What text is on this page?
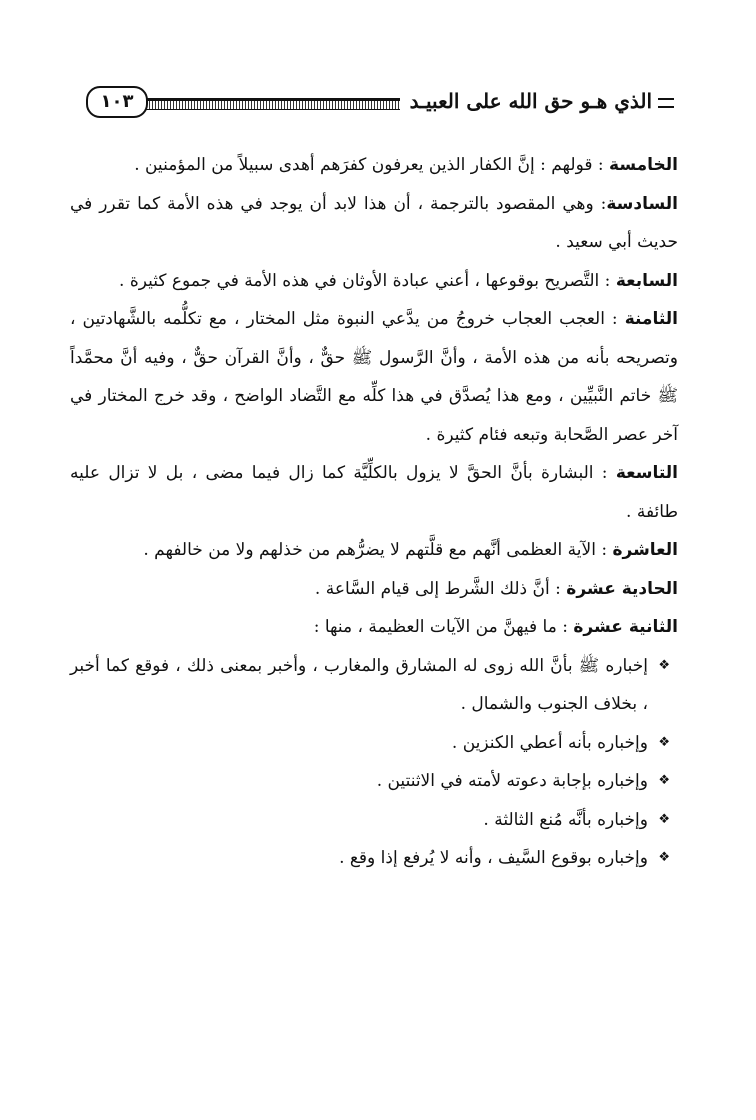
الذي هـو حق الله على العبيـد
١٠٣

الخامسة : قولهم : إنَّ الكفار الذين يعرفون كفرَهم أهدى سبيلاً من المؤمنين .

السادسة: وهي المقصود بالترجمة ، أن هذا لابد أن يوجد في هذه الأمة كما تقرر في حديث أبي سعيد .

السابعة : التَّصريح بوقوعها ، أعني عبادة الأوثان في هذه الأمة في جموع كثيرة .

الثامنة : العجب العجاب خروجُ من يدَّعي النبوة مثل المختار ، مع تكلُّمه بالشَّهادتين ، وتصريحه بأنه من هذه الأمة ، وأنَّ الرَّسول ﷺ حقٌّ ، وأنَّ القرآن حقٌّ ، وفيه أنَّ محمَّداً ﷺ خاتم النَّبيِّين ، ومع هذا يُصدَّق في هذا كلِّه مع التَّضاد الواضح ، وقد خرج المختار في آخر عصر الصَّحابة وتبعه فئام كثيرة .

التاسعة : البشارة بأنَّ الحقَّ لا يزول بالكلِّيَّة كما زال فيما مضى ، بل لا تزال عليه طائفة .

العاشرة : الآية العظمى أنَّهم مع قلَّتهم لا يضرُّهم من خذلهم ولا من خالفهم .

الحادية عشرة : أنَّ ذلك الشَّرط إلى قيام السَّاعة .

الثانية عشرة : ما فيهنَّ من الآيات العظيمة ، منها :

❖
إخباره ﷺ بأنَّ الله زوى له المشارق والمغارب ، وأخبر بمعنى ذلك ، فوقع كما أخبر ، بخلاف الجنوب والشمال .
❖
وإخباره بأنه أعطي الكنزين .
❖
وإخباره بإجابة دعوته لأمته في الاثنتين .
❖
وإخباره بأنَّه مُنع الثالثة .
❖
وإخباره بوقوع السَّيف ، وأنه لا يُرفع إذا وقع .
